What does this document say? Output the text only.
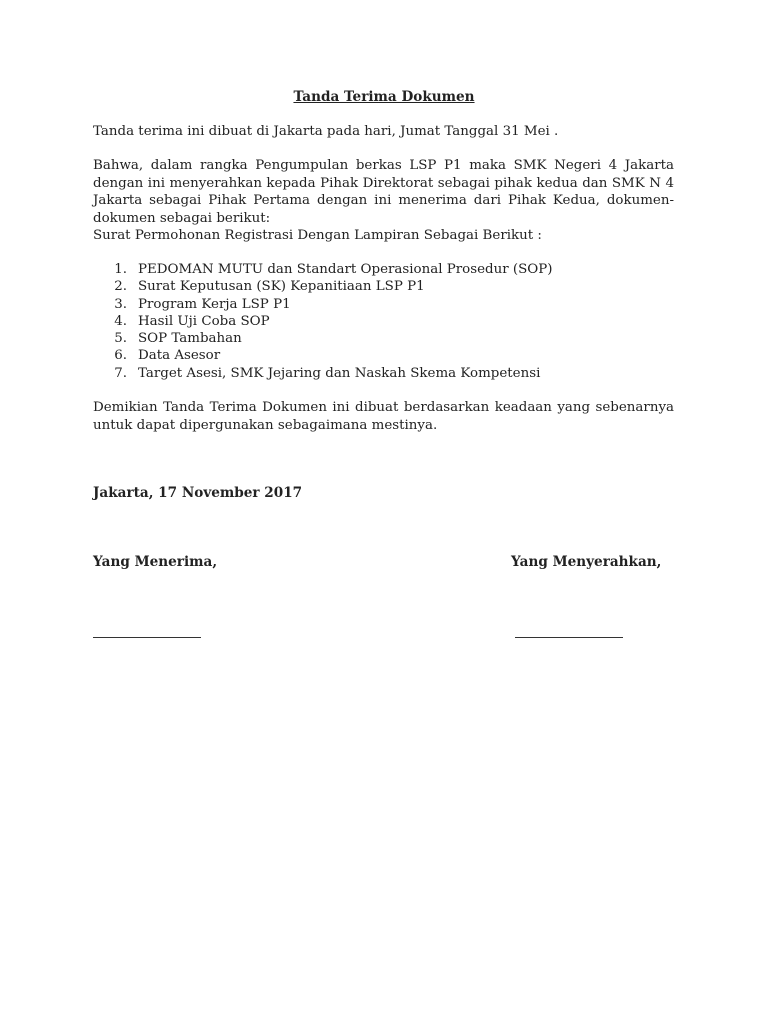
Tanda Terima Dokumen
Tanda terima ini dibuat di Jakarta pada hari, Jumat Tanggal 31 Mei .
Bahwa, dalam rangka Pengumpulan berkas LSP P1 maka SMK Negeri 4 Jakarta dengan ini menyerahkan kepada Pihak Direktorat sebagai pihak kedua dan SMK N 4 Jakarta sebagai Pihak Pertama dengan ini menerima dari Pihak Kedua, dokumen-dokumen sebagai berikut:
Surat Permohonan Registrasi Dengan Lampiran Sebagai Berikut :
1. PEDOMAN MUTU dan Standart Operasional Prosedur (SOP)
2. Surat Keputusan (SK) Kepanitiaan LSP P1
3. Program Kerja LSP P1
4. Hasil Uji Coba SOP
5. SOP Tambahan
6. Data Asesor
7. Target Asesi, SMK Jejaring dan Naskah Skema Kompetensi
Demikian Tanda Terima Dokumen ini dibuat berdasarkan keadaan yang sebenarnya untuk dapat dipergunakan sebagaimana mestinya.
Jakarta, 17 November 2017
Yang Menerima,	Yang Menyerahkan,
